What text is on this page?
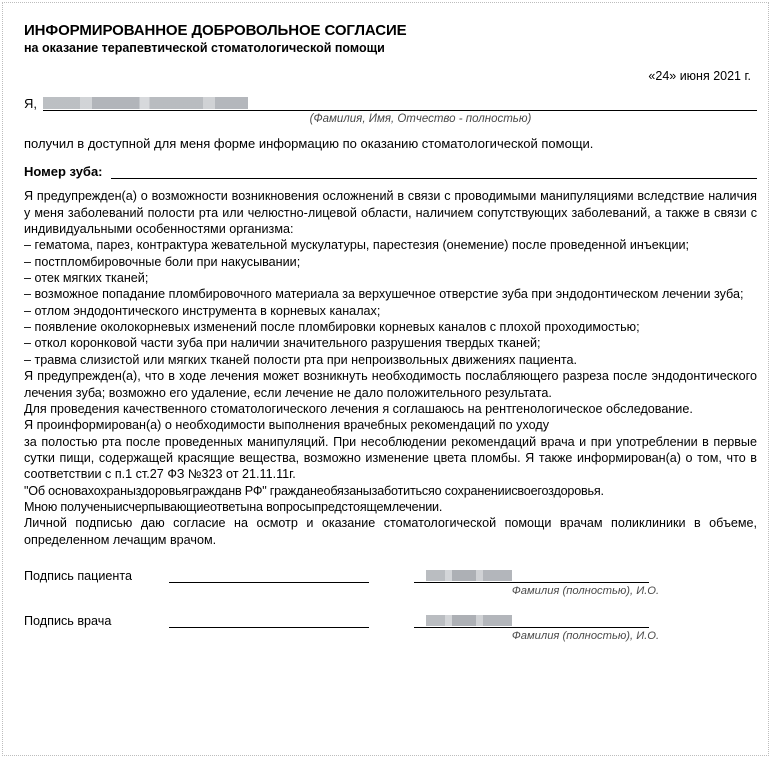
ИНФОРМИРОВАННОЕ ДОБРОВОЛЬНОЕ СОГЛАСИЕ
на оказание терапевтической стоматологической помощи
«24» июня 2021 г.
Я,
(Фамилия, Имя, Отчество - полностью)
получил в доступной для меня форме информацию по оказанию стоматологической помощи.
Номер зуба:
Я предупрежден(а) о возможности возникновения осложнений в связи с проводимыми манипуляциями вследствие наличия у меня заболеваний полости рта или челюстно-лицевой области, наличием сопутствующих заболеваний, а также в связи с индивидуальными особенностями организма:
– гематома, парез, контрактура жевательной мускулатуры, парестезия (онемение) после проведенной инъекции;
– постпломбировочные боли при накусывании;
– отек мягких тканей;
– возможное попадание пломбировочного материала за верхушечное отверстие зуба при эндодонтическом лечении зуба;
– отлом эндодонтического инструмента в корневых каналах;
– появление околокорневых изменений после пломбировки корневых каналов с плохой проходимостью;
– откол коронковой части зуба при наличии значительного разрушения твердых тканей;
– травма слизистой или мягких тканей полости рта при непроизвольных движениях пациента.
Я предупрежден(а), что в ходе лечения может возникнуть необходимость послабляющего разреза после эндодонтического лечения зуба; возможно его удаление, если лечение не дало положительного результата.
Для проведения качественного стоматологического лечения я соглашаюсь на рентгенологическое обследование.
Я проинформирован(а) о необходимости выполнения врачебных рекомендаций по уходу
за полостью рта после проведенных манипуляций. При несоблюдении рекомендаций врача и при употреблении в первые сутки пищи, содержащей красящие вещества, возможно изменение цвета пломбы. Я также информирован(а) о том, что в соответствии с п.1 ст.27 ФЗ №323 от 21.11.11г.
"Об основахохраныздоровьягражданв РФ" гражданеобязанызаботитьсяо сохранениисвоегоздоровья.
Мною полученыисчерпывающиеответына вопросыпредстоящемлечении.
Личной подписью даю согласие на осмотр и оказание стоматологической помощи врачам поликлиники в объеме, определенном лечащим врачом.
Подпись пациента
Фамилия (полностью), И.О.
Подпись врача
Фамилия (полностью), И.О.
